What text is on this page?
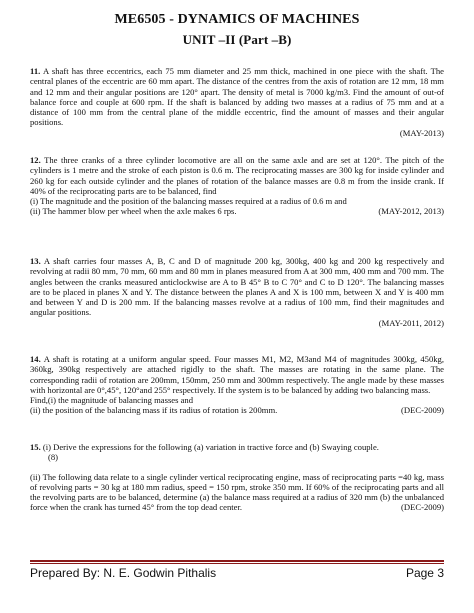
ME6505 - DYNAMICS OF MACHINES
UNIT –II (Part –B)

11. A shaft has three eccentrics, each 75 mm diameter and 25 mm thick, machined in one piece with the shaft. The central planes of the eccentric are 60 mm apart. The distance of the centres from the axis of rotation are 12 mm, 18 mm and 12 mm and their angular positions are 120° apart. The density of metal is 7000 kg/m3. Find the amount of out-of balance force and couple at 600 rpm. If the shaft is balanced by adding two masses at a radius of 75 mm and at a distance of 100 mm from the central plane of the middle eccentric, find the amount of masses and their angular positions.

(MAY-2013)

12. The three cranks of a three cylinder locomotive are all on the same axle and are set at 120°. The pitch of the cylinders is 1 metre and the stroke of each piston is 0.6 m. The reciprocating masses are 300 kg for inside cylinder and 260 kg for each outside cylinder and the planes of rotation of the balance masses are 0.8 m from the inside crank. If 40% of the reciprocating parts are to be balanced, find

(i) The magnitude and the position of the balancing masses required at a radius of 0.6 m and

(ii) The hammer blow per wheel when the axle makes 6 rps.	(MAY-2012, 2013)

13. A shaft carries four masses A, B, C and D of magnitude 200 kg, 300kg, 400 kg and 200 kg respectively and revolving at radii 80 mm, 70 mm, 60 mm and 80 mm in planes measured from A at 300 mm, 400 mm and 700 mm. The angles between the cranks measured anticlockwise are A to B 45° B to C 70° and C to D 120°. The balancing masses are to be placed in planes X and Y. The distance between the planes A and X is 100 mm, between X and Y is 400 mm and between Y and D is 200 mm. If the balancing masses revolve at a radius of 100 mm, find their magnitudes and angular positions.

(MAY-2011, 2012)

14. A shaft is rotating at a uniform angular speed. Four masses M1, M2, M3and M4 of magnitudes 300kg, 450kg, 360kg, 390kg respectively are attached rigidly to the shaft. The masses are rotating in the same plane. The corresponding radii of rotation are 200mm, 150mm, 250 mm and 300mm respectively. The angle made by these masses with horizontal are 0°,45°, 120°and 255° respectively. If the system is to be balanced by adding two balancing mass.

Find,(i) the magnitude of balancing masses and

(ii) the position of the balancing mass if its radius of rotation is 200mm.	(DEC-2009)

15. (i) Derive the expressions for the following (a) variation in tractive force and (b) Swaying couple.

(8)

(ii) The following data relate to a single cylinder vertical reciprocating engine, mass of reciprocating parts =40 kg, mass of revolving parts = 30 kg at 180 mm radius, speed = 150 rpm, stroke 350 mm. If 60% of the reciprocating parts and all the revolving parts are to be balanced, determine (a) the balance mass required at a radius of 320 mm (b) the unbalanced force when the crank has turned 45° from the top dead center.	(DEC-2009)

Prepared By: N. E. Godwin Pithalis	Page 3
